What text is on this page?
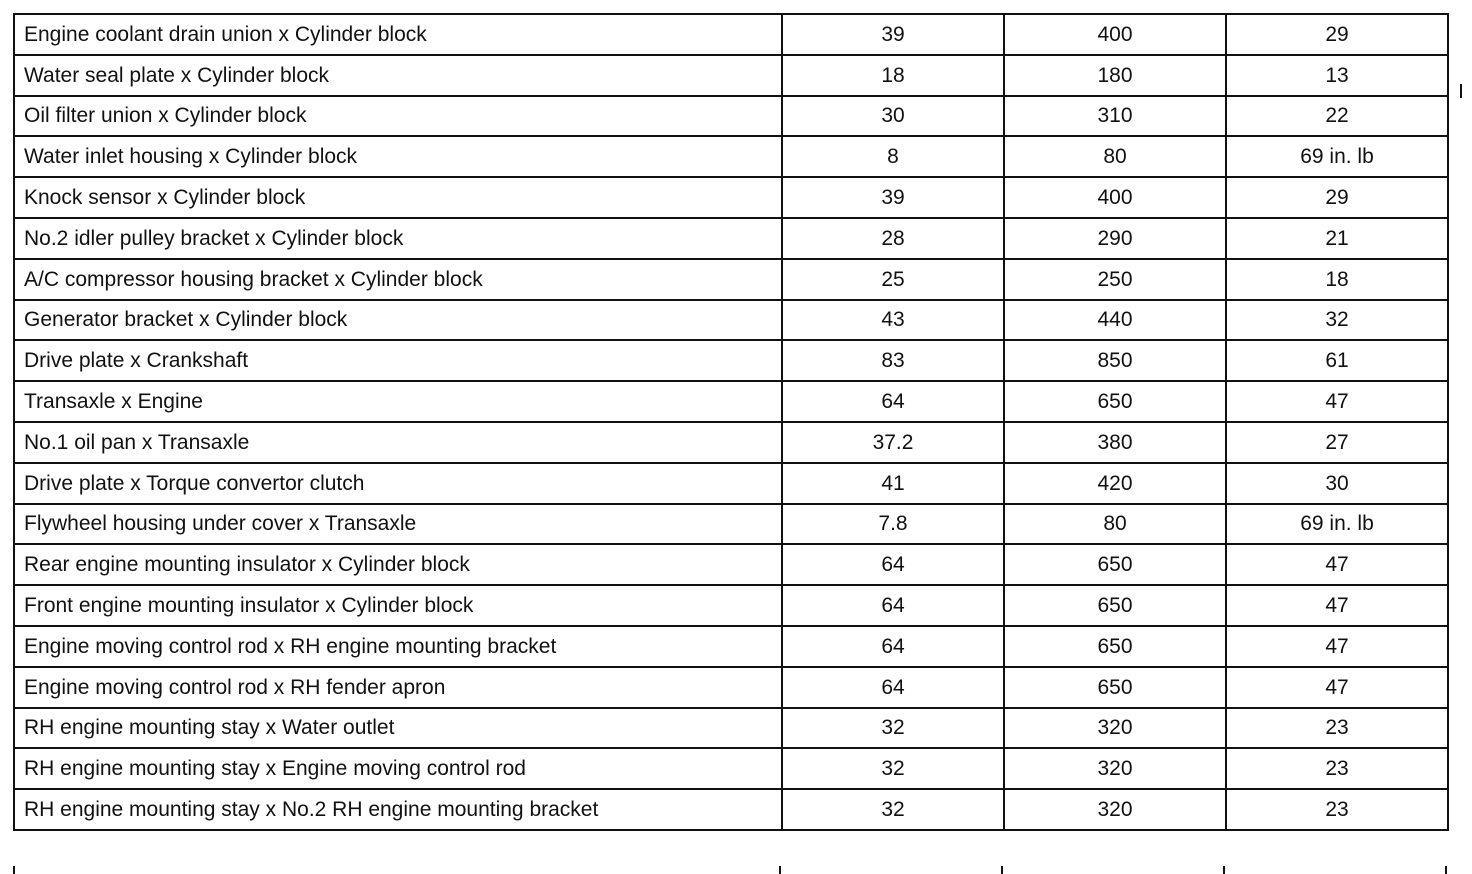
Engine coolant drain union x Cylinder block	39	400	29
Water seal plate x Cylinder block	18	180	13
Oil filter union x Cylinder block	30	310	22
Water inlet housing x Cylinder block	8	80	69 in. lb
Knock sensor x Cylinder block	39	400	29
No.2 idler pulley bracket x Cylinder block	28	290	21
A/C compressor housing bracket x Cylinder block	25	250	18
Generator bracket x Cylinder block	43	440	32
Drive plate x Crankshaft	83	850	61
Transaxle x Engine	64	650	47
No.1 oil pan x Transaxle	37.2	380	27
Drive plate x Torque convertor clutch	41	420	30
Flywheel housing under cover x Transaxle	7.8	80	69 in. lb
Rear engine mounting insulator x Cylinder block	64	650	47
Front engine mounting insulator x Cylinder block	64	650	47
Engine moving control rod x RH engine mounting bracket	64	650	47
Engine moving control rod x RH fender apron	64	650	47
RH engine mounting stay x Water outlet	32	320	23
RH engine mounting stay x Engine moving control rod	32	320	23
RH engine mounting stay x No.2 RH engine mounting bracket	32	320	23
